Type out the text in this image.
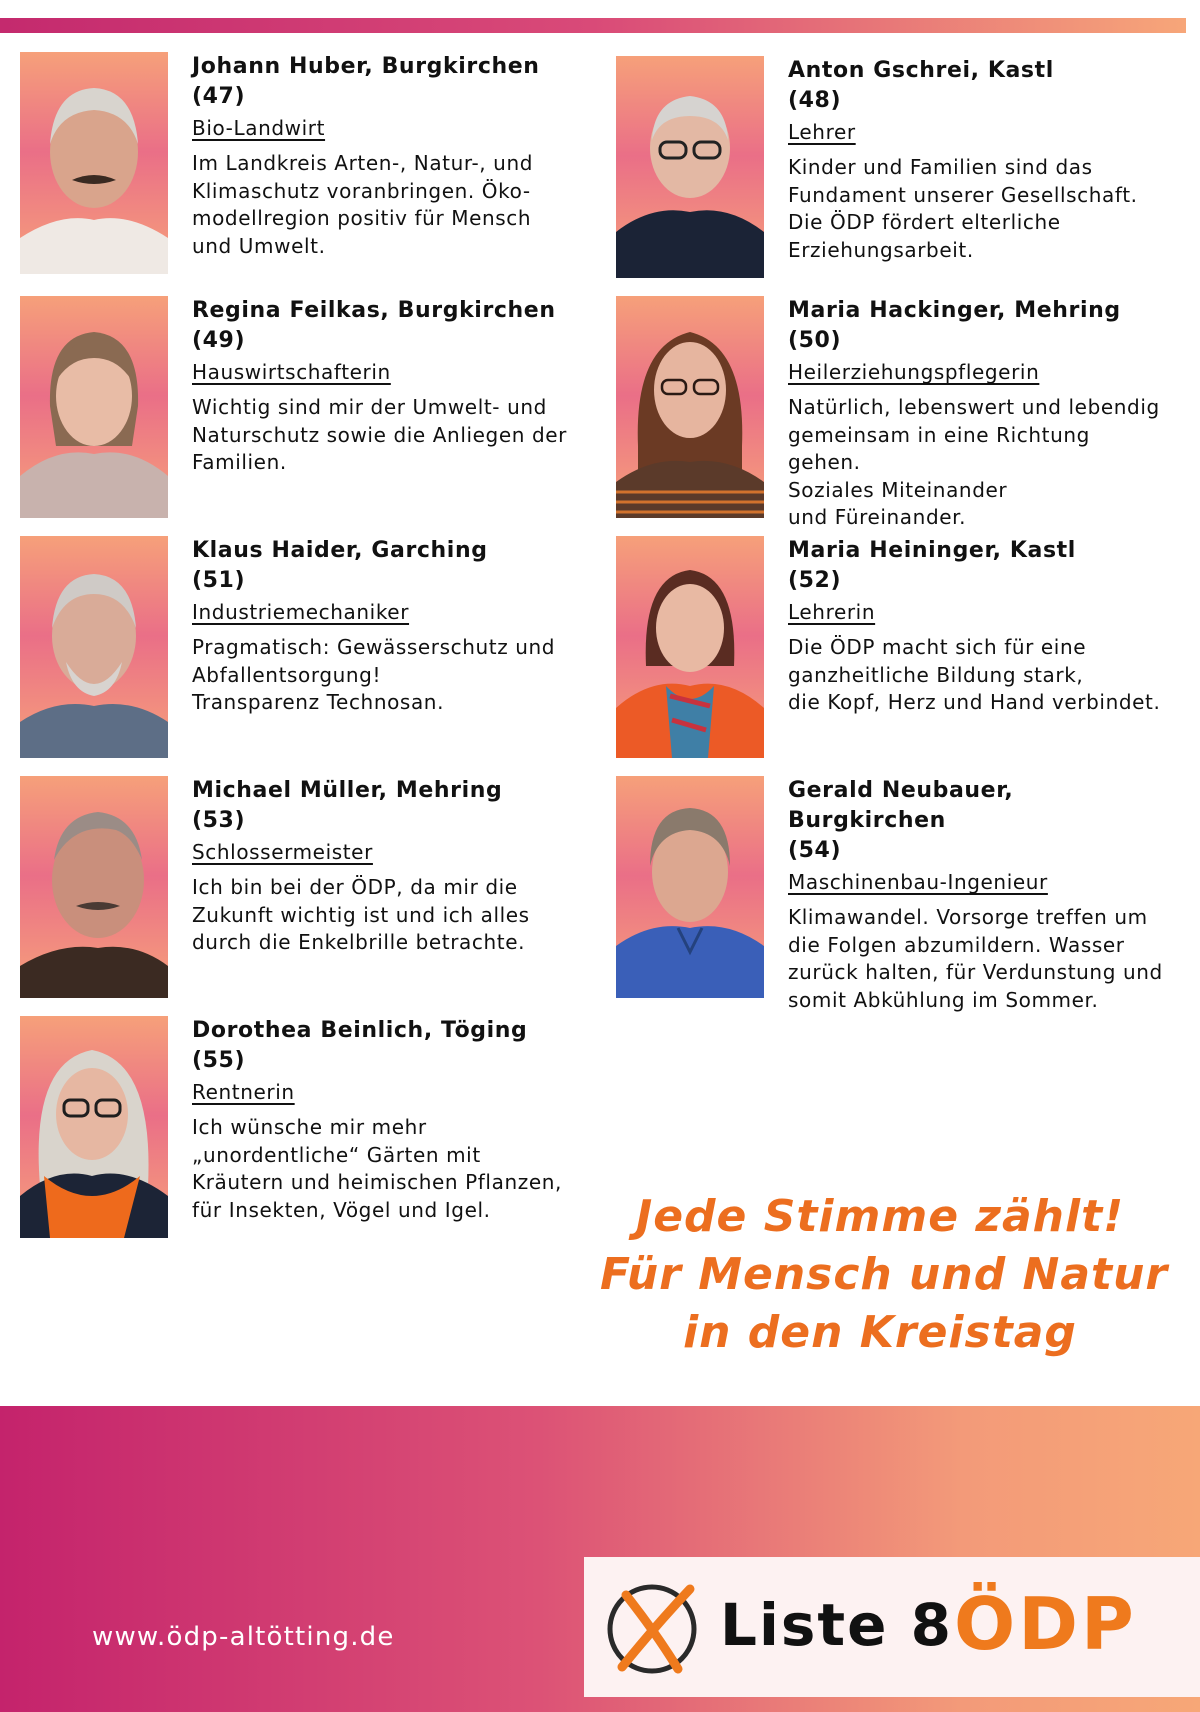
Johann Huber, Burgkirchen
(47)
Bio-Landwirt
Im Landkreis Arten-, Natur-, und
Klimaschutz voranbringen. Öko-
modellregion positiv für Mensch
und Umwelt.
Anton Gschrei, Kastl
(48)
Lehrer
Kinder und Familien sind das
Fundament unserer Gesellschaft.
Die ÖDP fördert elterliche
Erziehungsarbeit.
Regina Feilkas, Burgkirchen
(49)
Hauswirtschafterin
Wichtig sind mir der Umwelt- und
Naturschutz sowie die Anliegen der
Familien.
Maria Hackinger, Mehring
(50)
Heilerziehungspflegerin
Natürlich, lebenswert und lebendig
gemeinsam in eine Richtung gehen.
Soziales Miteinander
und Füreinander.
Klaus Haider, Garching
(51)
Industriemechaniker
Pragmatisch: Gewässerschutz und
Abfallentsorgung!
Transparenz Technosan.
Maria Heininger, Kastl
(52)
Lehrerin
Die ÖDP macht sich für eine
ganzheitliche Bildung stark,
die Kopf, Herz und Hand verbindet.
Michael Müller, Mehring
(53)
Schlossermeister
Ich bin bei der ÖDP, da mir die
Zukunft wichtig ist und ich alles
durch die Enkelbrille betrachte.
Gerald Neubauer, Burgkirchen
(54)
Maschinenbau-Ingenieur
Klimawandel. Vorsorge treffen um
die Folgen abzumildern. Wasser
zurück halten, für Verdunstung und
somit Abkühlung im Sommer.
Dorothea Beinlich, Töging
(55)
Rentnerin
Ich wünsche mir mehr
„unordentliche“ Gärten mit
Kräutern und heimischen Pflanzen,
für Insekten, Vögel und Igel.	Jede Stimme zählt!
Für Mensch und Natur
in den Kreistag
www.ödp-altötting.de	Liste 8 ÖDP
